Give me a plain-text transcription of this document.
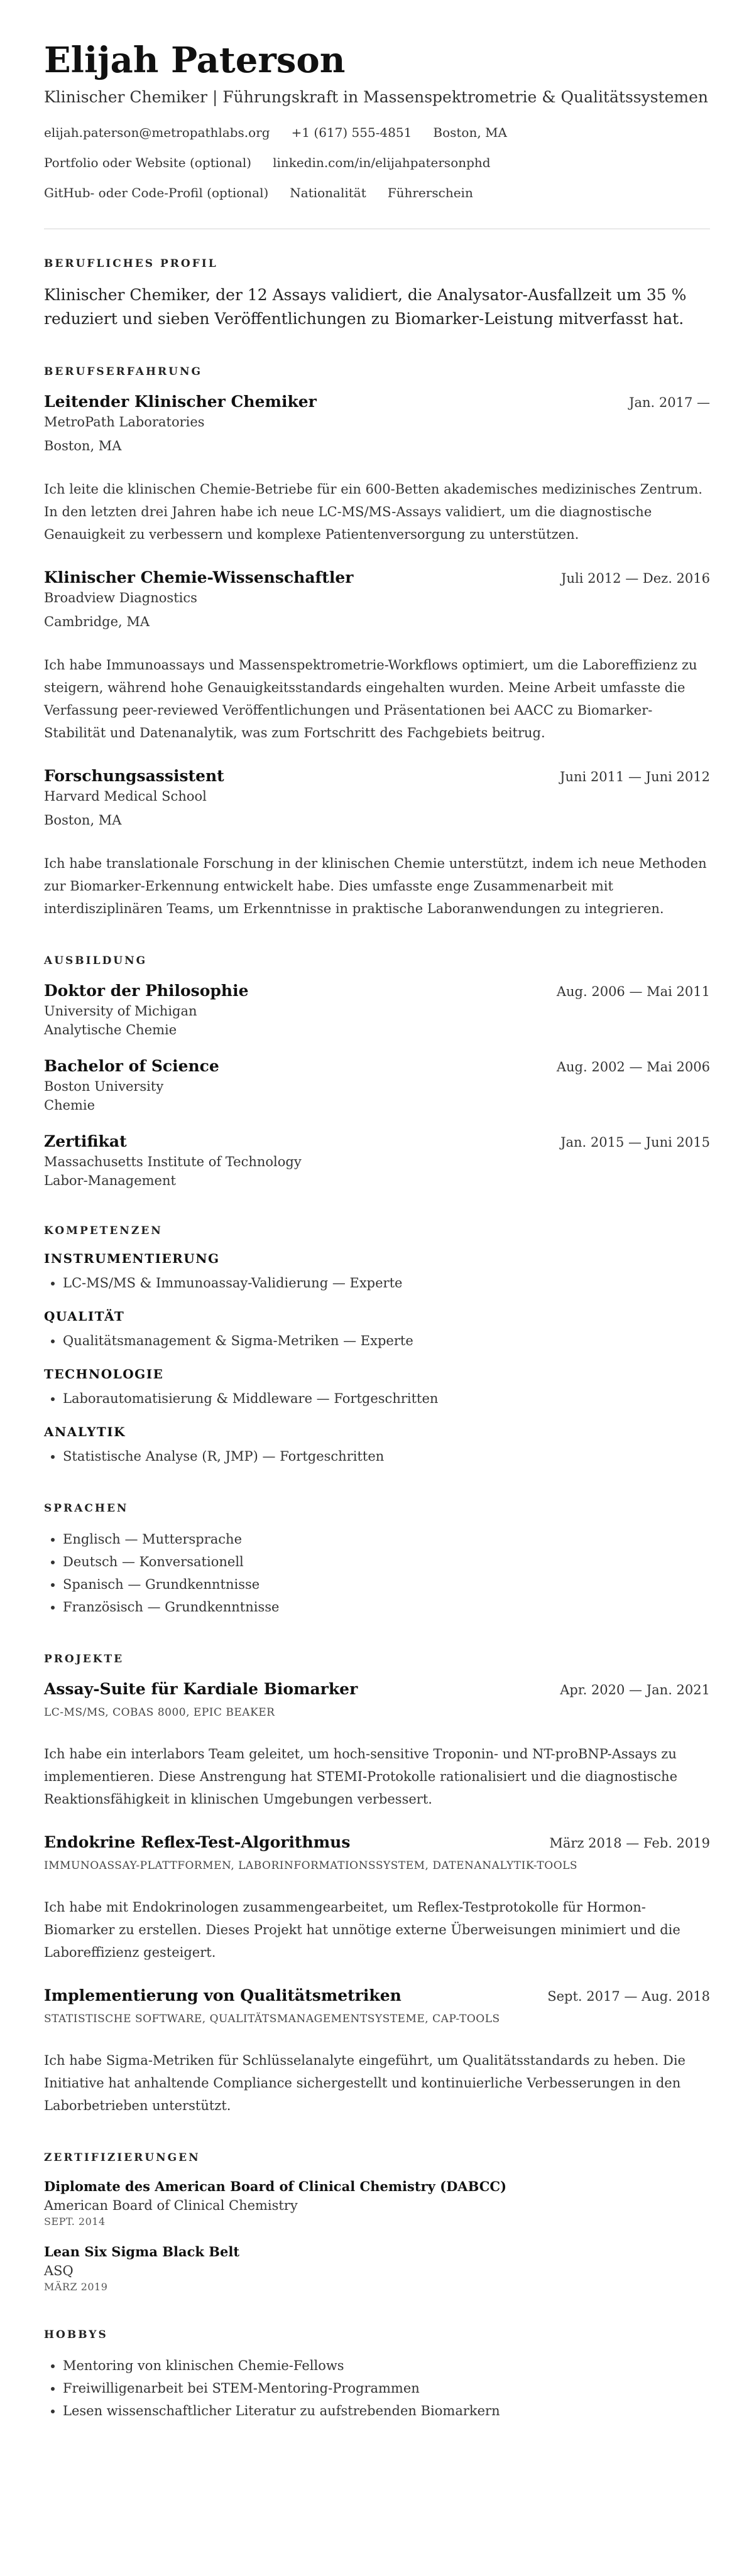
Elijah Paterson
Klinischer Chemiker | Führungskraft in Massenspektrometrie & Qualitätssystemen
elijah.paterson@metropathlabs.org +1 (617) 555-4851 Boston, MA
Portfolio oder Website (optional) linkedin.com/in/elijahpatersonphd
GitHub- oder Code-Profil (optional) Nationalität Führerschein
BERUFLICHES PROFIL
Klinischer Chemiker, der 12 Assays validiert, die Analysator-Ausfallzeit um 35 % reduziert und sieben Veröffentlichungen zu Biomarker-Leistung mitverfasst hat.
BERUFSERFAHRUNG
Leitender Klinischer Chemiker	Jan. 2017 —
MetroPath Laboratories
Boston, MA
Ich leite die klinischen Chemie-Betriebe für ein 600-Betten akademisches medizinisches Zentrum. In den letzten drei Jahren habe ich neue LC-MS/MS-Assays validiert, um die diagnostische Genauigkeit zu verbessern und komplexe Patientenversorgung zu unterstützen.
Klinischer Chemie-Wissenschaftler	Juli 2012 — Dez. 2016
Broadview Diagnostics
Cambridge, MA
Ich habe Immunoassays und Massenspektrometrie-Workflows optimiert, um die Laboreffizienz zu steigern, während hohe Genauigkeitsstandards eingehalten wurden. Meine Arbeit umfasste die Verfassung peer-reviewed Veröffentlichungen und Präsentationen bei AACC zu Biomarker-Stabilität und Datenanalytik, was zum Fortschritt des Fachgebiets beitrug.
Forschungsassistent	Juni 2011 — Juni 2012
Harvard Medical School
Boston, MA
Ich habe translationale Forschung in der klinischen Chemie unterstützt, indem ich neue Methoden zur Biomarker-Erkennung entwickelt habe. Dies umfasste enge Zusammenarbeit mit interdisziplinären Teams, um Erkenntnisse in praktische Laboranwendungen zu integrieren.
AUSBILDUNG
Doktor der Philosophie	Aug. 2006 — Mai 2011
University of Michigan
Analytische Chemie
Bachelor of Science	Aug. 2002 — Mai 2006
Boston University
Chemie
Zertifikat	Jan. 2015 — Juni 2015
Massachusetts Institute of Technology
Labor-Management
KOMPETENZEN
INSTRUMENTIERUNG
• LC-MS/MS & Immunoassay-Validierung — Experte
QUALITÄT
• Qualitätsmanagement & Sigma-Metriken — Experte
TECHNOLOGIE
• Laborautomatisierung & Middleware — Fortgeschritten
ANALYTIK
• Statistische Analyse (R, JMP) — Fortgeschritten
SPRACHEN
• Englisch — Muttersprache
• Deutsch — Konversationell
• Spanisch — Grundkenntnisse
• Französisch — Grundkenntnisse
PROJEKTE
Assay-Suite für Kardiale Biomarker	Apr. 2020 — Jan. 2021
LC-MS/MS, COBAS 8000, EPIC BEAKER
Ich habe ein interlabors Team geleitet, um hoch-sensitive Troponin- und NT-proBNP-Assays zu implementieren. Diese Anstrengung hat STEMI-Protokolle rationalisiert und die diagnostische Reaktionsfähigkeit in klinischen Umgebungen verbessert.
Endokrine Reflex-Test-Algorithmus	März 2018 — Feb. 2019
IMMUNOASSAY-PLATTFORMEN, LABORINFORMATIONSSYSTEM, DATENANALYTIK-TOOLS
Ich habe mit Endokrinologen zusammengearbeitet, um Reflex-Testprotokolle für Hormon-Biomarker zu erstellen. Dieses Projekt hat unnötige externe Überweisungen minimiert und die Laboreffizienz gesteigert.
Implementierung von Qualitätsmetriken	Sept. 2017 — Aug. 2018
STATISTISCHE SOFTWARE, QUALITÄTSMANAGEMENTSYSTEME, CAP-TOOLS
Ich habe Sigma-Metriken für Schlüsselanalyte eingeführt, um Qualitätsstandards zu heben. Die Initiative hat anhaltende Compliance sichergestellt und kontinuierliche Verbesserungen in den Laborbetrieben unterstützt.
ZERTIFIZIERUNGEN
Diplomate des American Board of Clinical Chemistry (DABCC)
American Board of Clinical Chemistry
SEPT. 2014
Lean Six Sigma Black Belt
ASQ
MÄRZ 2019
HOBBYS
• Mentoring von klinischen Chemie-Fellows
• Freiwilligenarbeit bei STEM-Mentoring-Programmen
• Lesen wissenschaftlicher Literatur zu aufstrebenden Biomarkern
